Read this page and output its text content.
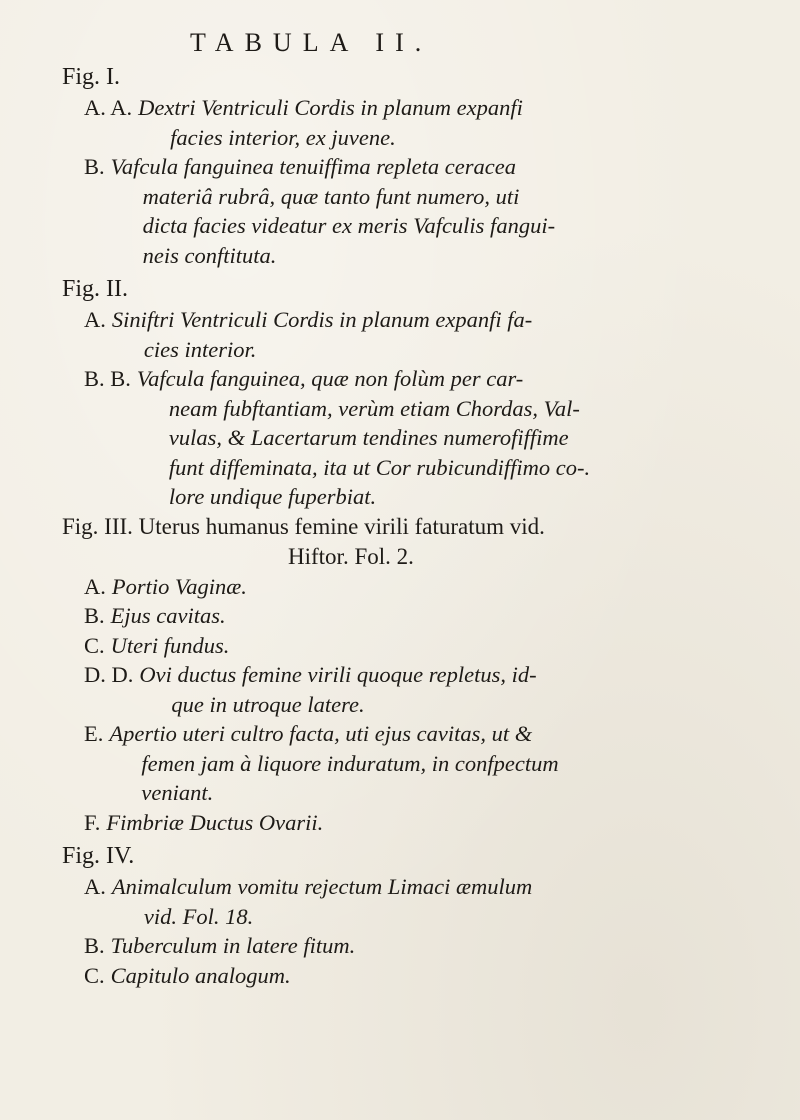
TABULA II.
Fig. I.
A. A. Dextri Ventriculi Cordis in planum expanfi
facies interior, ex juvene.
B. Vafcula fanguinea tenuiffima repleta ceracea
materiâ rubrâ, quæ tanto funt numero, uti
dicta facies videatur ex meris Vafculis fangui-
neis conftituta.
Fig. II.
A. Siniftri Ventriculi Cordis in planum expanfi fa-
cies interior.
B. B. Vafcula fanguinea, quæ non folùm per car-
neam fubftantiam, verùm etiam Chordas, Val-
vulas, & Lacertarum tendines numerofiffime
funt diffeminata, ita ut Cor rubicundiffimo co-.
lore undique fuperbiat.
Fig. III. Uterus humanus femine virili faturatum vid.
Hiftor. Fol. 2.
A. Portio Vaginæ.
B. Ejus cavitas.
C. Uteri fundus.
D. D. Ovi ductus femine virili quoque repletus, id-
que in utroque latere.
E. Apertio uteri cultro facta, uti ejus cavitas, ut &
femen jam à liquore induratum, in confpectum
veniant.
F. Fimbriæ Ductus Ovarii.
Fig. IV.
A. Animalculum vomitu rejectum Limaci æmulum
vid. Fol. 18.
B. Tuberculum in latere fitum.
C. Capitulo analogum.
